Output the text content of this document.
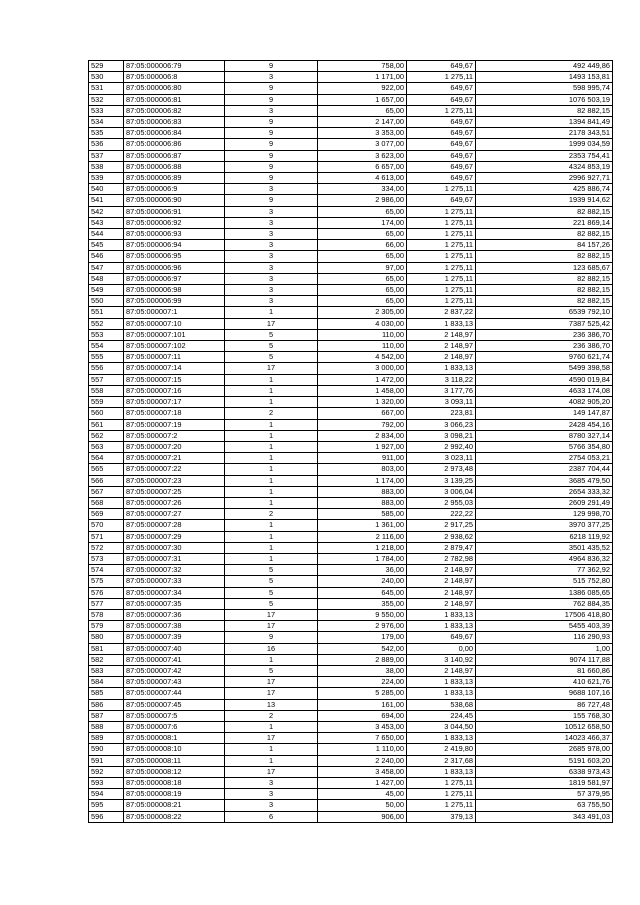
529	87:05:000006:79	9	758,00	649,67	492 449,86
530	87:05:000006:8	3	1 171,00	1 275,11	1493 153,81
531	87:05:000006:80	9	922,00	649,67	598 995,74
532	87:05:000006:81	9	1 657,00	649,67	1076 503,19
533	87:05:000006:82	3	65,00	1 275,11	82 882,15
534	87:05:000006:83	9	2 147,00	649,67	1394 841,49
535	87:05:000006:84	9	3 353,00	649,67	2178 343,51
536	87:05:000006:86	9	3 077,00	649,67	1999 034,59
537	87:05:000006:87	9	3 623,00	649,67	2353 754,41
538	87:05:000006:88	9	6 657,00	649,67	4324 853,19
539	87:05:000006:89	9	4 613,00	649,67	2996 927,71
540	87:05:000006:9	3	334,00	1 275,11	425 886,74
541	87:05:000006:90	9	2 986,00	649,67	1939 914,62
542	87:05:000006:91	3	65,00	1 275,11	82 882,15
543	87:05:000006:92	3	174,00	1 275,11	221 869,14
544	87:05:000006:93	3	65,00	1 275,11	82 882,15
545	87:05:000006:94	3	66,00	1 275,11	84 157,26
546	87:05:000006:95	3	65,00	1 275,11	82 882,15
547	87:05:000006:96	3	97,00	1 275,11	123 685,67
548	87:05:000006:97	3	65,00	1 275,11	82 882,15
549	87:05:000006:98	3	65,00	1 275,11	82 882,15
550	87:05:000006:99	3	65,00	1 275,11	82 882,15
551	87:05:000007:1	1	2 305,00	2 837,22	6539 792,10
552	87:05:000007:10	17	4 030,00	1 833,13	7387 525,42
553	87:05:000007:101	5	110,00	2 148,97	236 386,70
554	87:05:000007:102	5	110,00	2 148,97	236 386,70
555	87:05:000007:11	5	4 542,00	2 148,97	9760 621,74
556	87:05:000007:14	17	3 000,00	1 833,13	5499 398,58
557	87:05:000007:15	1	1 472,00	3 118,22	4590 019,84
558	87:05:000007:16	1	1 458,00	3 177,76	4633 174,08
559	87:05:000007:17	1	1 320,00	3 093,11	4082 905,20
560	87:05:000007:18	2	667,00	223,81	149 147,87
561	87:05:000007:19	1	792,00	3 066,23	2428 454,16
562	87:05:000007:2	1	2 834,00	3 098,21	8780 327,14
563	87:05:000007:20	1	1 927,00	2 992,40	5766 354,80
564	87:05:000007:21	1	911,00	3 023,11	2754 053,21
565	87:05:000007:22	1	803,00	2 973,48	2387 704,44
566	87:05:000007:23	1	1 174,00	3 139,25	3685 479,50
567	87:05:000007:25	1	883,00	3 006,04	2654 333,32
568	87:05:000007:26	1	883,00	2 955,03	2609 291,49
569	87:05:000007:27	2	585,00	222,22	129 998,70
570	87:05:000007:28	1	1 361,00	2 917,25	3970 377,25
571	87:05:000007:29	1	2 116,00	2 938,62	6218 119,92
572	87:05:000007:30	1	1 218,00	2 879,47	3501 435,52
573	87:05:000007:31	1	1 784,00	2 782,98	4964 836,32
574	87:05:000007:32	5	36,00	2 148,97	77 362,92
575	87:05:000007:33	5	240,00	2 148,97	515 752,80
576	87:05:000007:34	5	645,00	2 148,97	1386 085,65
577	87:05:000007:35	5	355,00	2 148,97	762 884,35
578	87:05:000007:36	17	9 550,00	1 833,13	17506 418,80
579	87:05:000007:38	17	2 976,00	1 833,13	5455 403,39
580	87:05:000007:39	9	179,00	649,67	116 290,93
581	87:05:000007:40	16	542,00	0,00	1,00
582	87:05:000007:41	1	2 889,00	3 140,92	9074 117,88
583	87:05:000007:42	5	38,00	2 148,97	81 660,86
584	87:05:000007:43	17	224,00	1 833,13	410 621,76
585	87:05:000007:44	17	5 285,00	1 833,13	9688 107,16
586	87:05:000007:45	13	161,00	538,68	86 727,48
587	87:05:000007:5	2	694,00	224,45	155 768,30
588	87:05:000007:6	1	3 453,00	3 044,50	10512 658,50
589	87:05:000008:1	17	7 650,00	1 833,13	14023 466,37
590	87:05:000008:10	1	1 110,00	2 419,80	2685 978,00
591	87:05:000008:11	1	2 240,00	2 317,68	5191 603,20
592	87:05:000008:12	17	3 458,00	1 833,13	6338 973,43
593	87:05:000008:18	3	1 427,00	1 275,11	1819 581,97
594	87:05:000008:19	3	45,00	1 275,11	57 379,95
595	87:05:000008:21	3	50,00	1 275,11	63 755,50
596	87:05:000008:22	6	906,00	379,13	343 491,03
